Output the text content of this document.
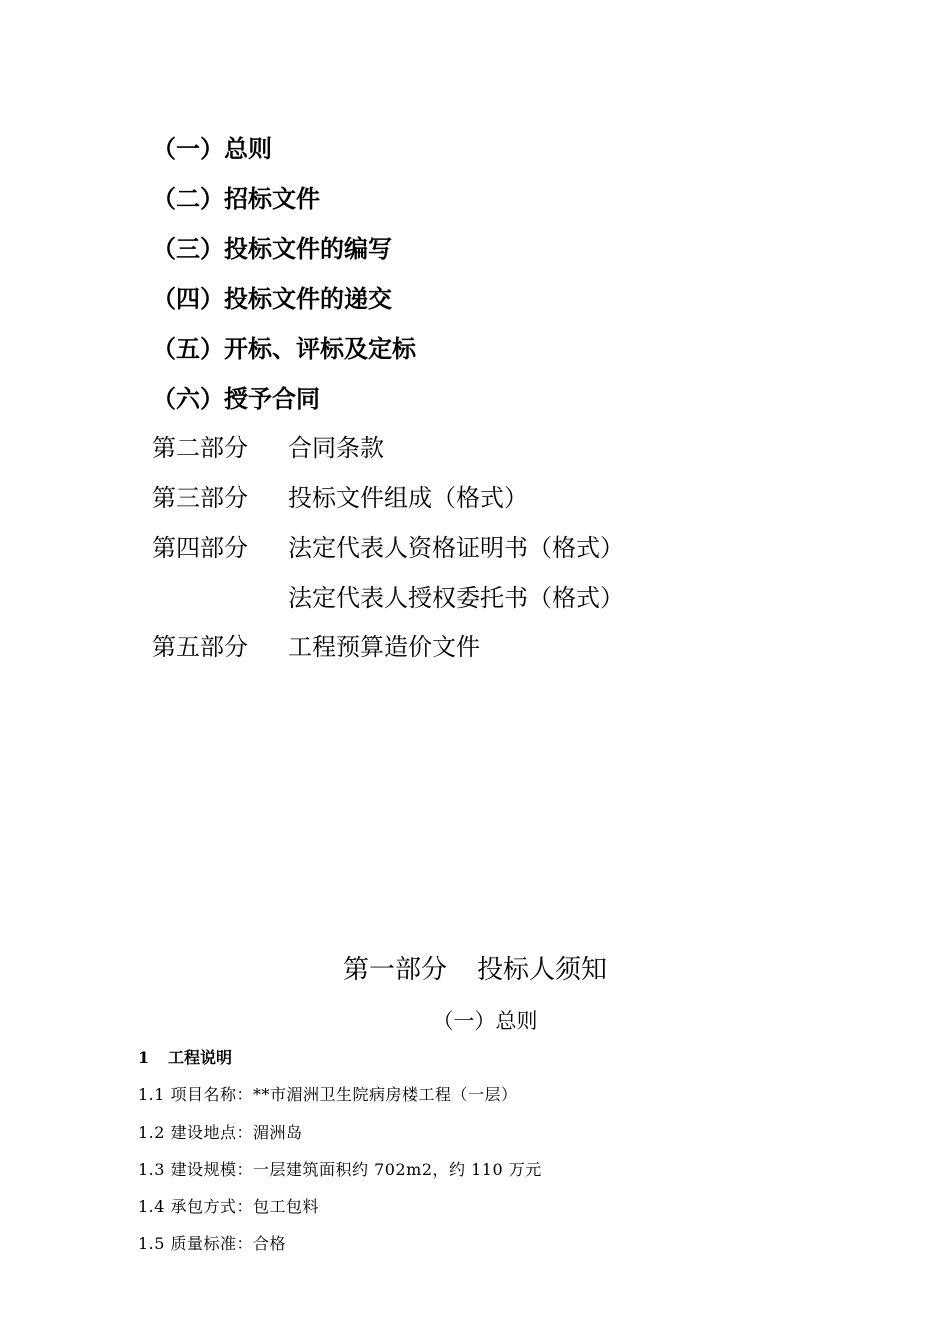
（一）总则
（二）招标文件
（三）投标文件的编写
（四）投标文件的递交
（五）开标、评标及定标
（六）授予合同
第二部分 合同条款
第三部分 投标文件组成（格式）
第四部分 法定代表人资格证明书（格式）
法定代表人授权委托书（格式）
第五部分 工程预算造价文件
第一部分 投标人须知
（一）总则
1 工程说明
1.1 项目名称：**市湄洲卫生院病房楼工程（一层）
1.2 建设地点：湄洲岛
1.3 建设规模：一层建筑面积约 702m2，约 110 万元
1.4 承包方式：包工包料
1.5 质量标准：合格
